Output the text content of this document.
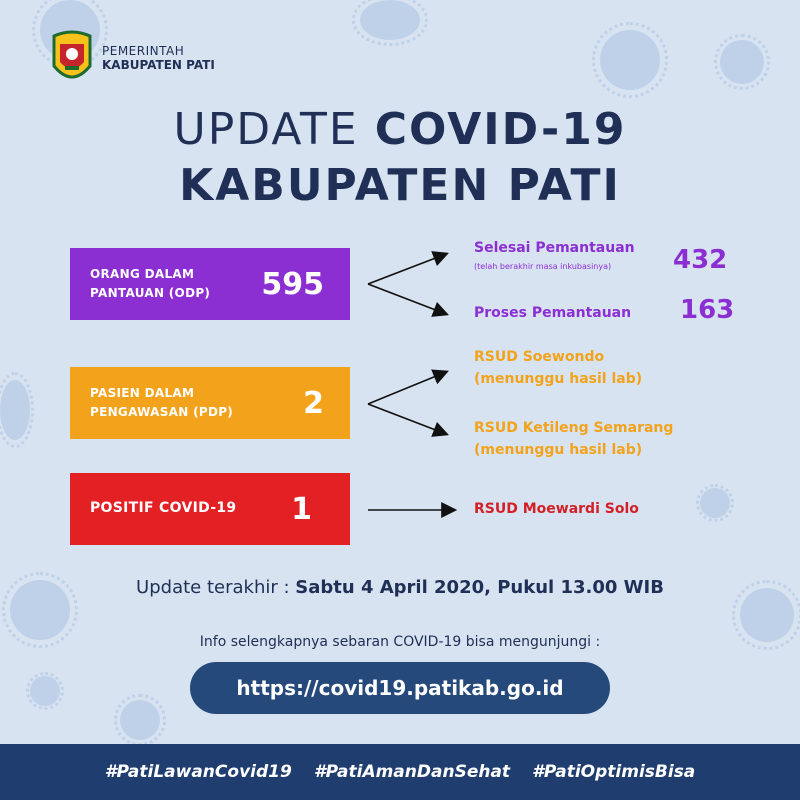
PEMERINTAH
KABUPATEN PATI
UPDATE COVID-19
KABUPATEN PATI
ORANG DALAM
PANTAUAN (ODP)	595
PASIEN DALAM
PENGAWASAN (PDP)	2
POSITIF COVID-19	1
Selesai Pemantauan
(telah berakhir masa inkubasinya) 432
Proses Pemantauan 163
RSUD Soewondo
(menunggu hasil lab)
RSUD Ketileng Semarang
(menunggu hasil lab)
RSUD Moewardi Solo
Update terakhir : Sabtu 4 April 2020, Pukul 13.00 WIB
Info selengkapnya sebaran COVID-19 bisa mengunjungi :
https://covid19.patikab.go.id
#PatiLawanCovid19 #PatiAmanDanSehat #PatiOptimisBisa
